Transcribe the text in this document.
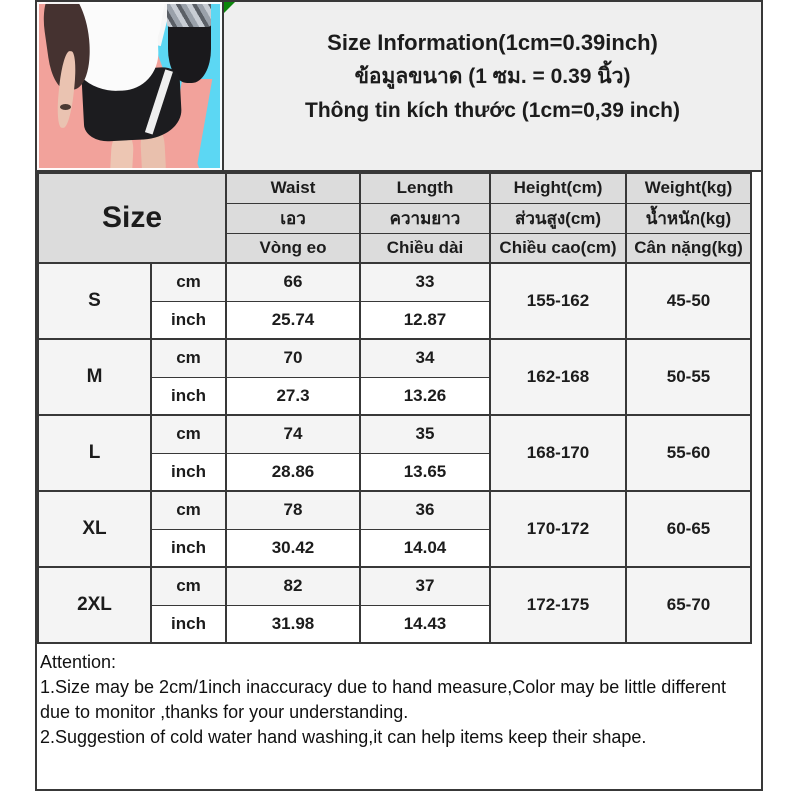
Size Information(1cm=0.39inch)
ข้อมูลขนาด (1 ซม. = 0.39 นิ้ว)
Thông tin kích thước (1cm=0,39 inch)
Size		Waist	Length	Height(cm)	Weight(kg)
		เอว	ความยาว	ส่วนสูง(cm)	น้ำหนัก(kg)
		Vòng eo	Chiều dài	Chiều cao(cm)	Cân nặng(kg)
S	cm	66	33	155-162	45-50
	inch	25.74	12.87		
M	cm	70	34	162-168	50-55
	inch	27.3	13.26		
L	cm	74	35	168-170	55-60
	inch	28.86	13.65		
XL	cm	78	36	170-172	60-65
	inch	30.42	14.04		
2XL	cm	82	37	172-175	65-70
	inch	31.98	14.43		
Attention:
1.Size may be 2cm/1inch inaccuracy due to hand measure,Color may be little different due to monitor ,thanks for your understanding.
2.Suggestion of cold water hand washing,it can help items keep their shape.
